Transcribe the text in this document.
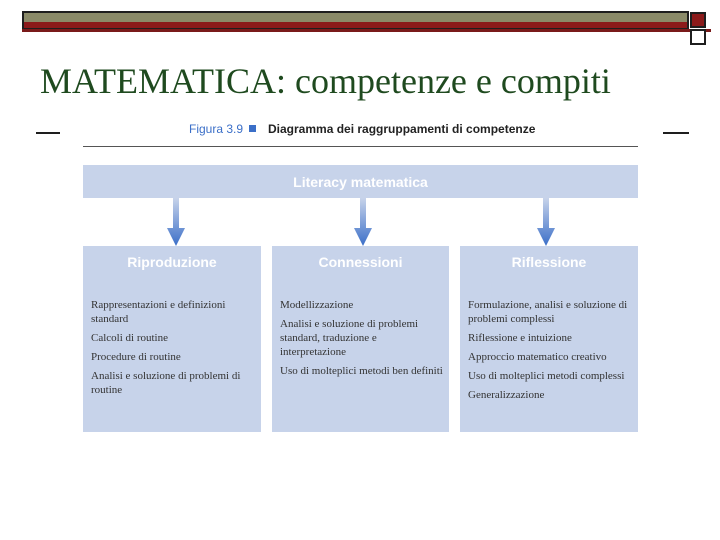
MATEMATICA: competenze e compiti
Figura 3.9 Diagramma dei raggruppamenti di competenze
Literacy matematica
Riproduzione
Rappresentazioni e definizioni standard
Calcoli di routine
Procedure di routine
Analisi e soluzione di problemi di routine
Connessioni
Modellizzazione
Analisi e soluzione di problemi standard, traduzione e interpretazione
Uso di molteplici metodi ben definiti
Riflessione
Formulazione, analisi e soluzione di problemi complessi
Riflessione e intuizione
Approccio matematico creativo
Uso di molteplici metodi complessi
Generalizzazione
